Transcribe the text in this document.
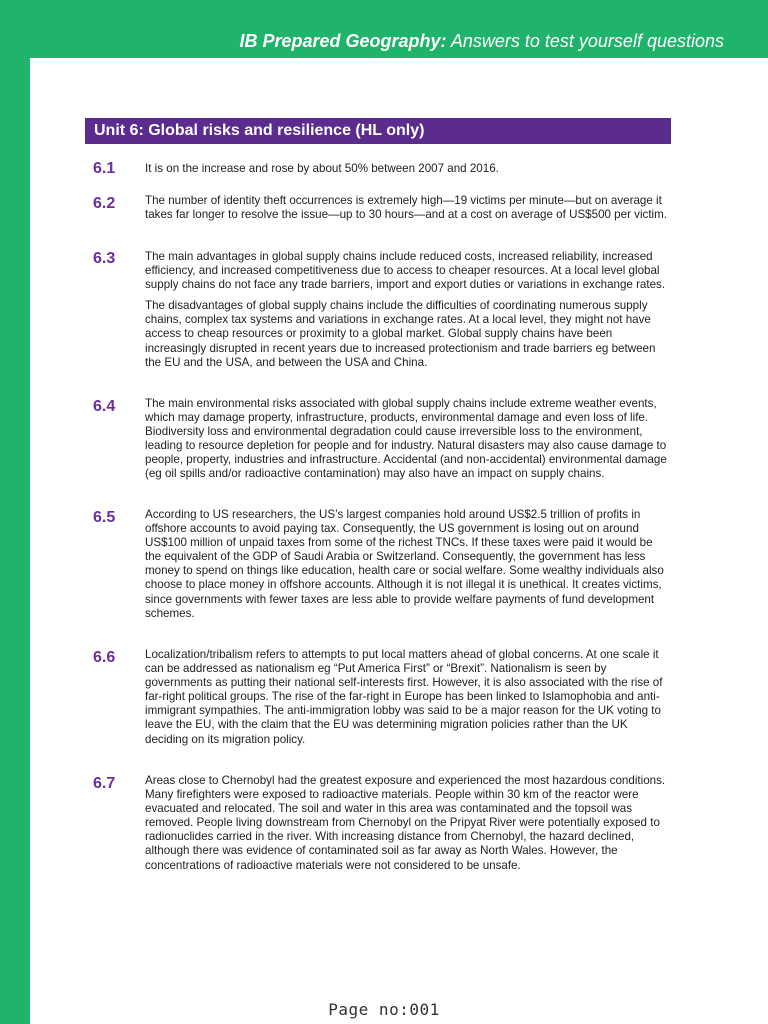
IB Prepared Geography: Answers to test yourself questions
Unit 6: Global risks and resilience (HL only)
6.1	It is on the increase and rose by about 50% between 2007 and 2016.

6.2	The number of identity theft occurrences is extremely high—19 victims per minute—but on average it takes far longer to resolve the issue—up to 30 hours—and at a cost on average of US$500 per victim.

6.3	The main advantages in global supply chains include reduced costs, increased reliability, increased efficiency, and increased competitiveness due to access to cheaper resources. At a local level global supply chains do not face any trade barriers, import and export duties or variations in exchange rates.

The disadvantages of global supply chains include the difficulties of coordinating numerous supply chains, complex tax systems and variations in exchange rates. At a local level, they might not have access to cheap resources or proximity to a global market. Global supply chains have been increasingly disrupted in recent years due to increased protectionism and trade barriers eg between the EU and the USA, and between the USA and China.

6.4	The main environmental risks associated with global supply chains include extreme weather events, which may damage property, infrastructure, products, environmental damage and even loss of life. Biodiversity loss and environmental degradation could cause irreversible loss to the environment, leading to resource depletion for people and for industry. Natural disasters may also cause damage to people, property, industries and infrastructure. Accidental (and non-accidental) environmental damage (eg oil spills and/or radioactive contamination) may also have an impact on supply chains.

6.5	According to US researchers, the US’s largest companies hold around US$2.5 trillion of profits in offshore accounts to avoid paying tax. Consequently, the US government is losing out on around US$100 million of unpaid taxes from some of the richest TNCs. If these taxes were paid it would be the equivalent of the GDP of Saudi Arabia or Switzerland. Consequently, the government has less money to spend on things like education, health care or social welfare. Some wealthy individuals also choose to place money in offshore accounts. Although it is not illegal it is unethical. It creates victims, since governments with fewer taxes are less able to provide welfare payments of fund development schemes.

6.6	Localization/tribalism refers to attempts to put local matters ahead of global concerns. At one scale it can be addressed as nationalism eg “Put America First” or “Brexit”. Nationalism is seen by governments as putting their national self-interests first. However, it is also associated with the rise of far-right political groups. The rise of the far-right in Europe has been linked to Islamophobia and anti-immigrant sympathies. The anti-immigration lobby was said to be a major reason for the UK voting to leave the EU, with the claim that the EU was determining migration policies rather than the UK deciding on its migration policy.

6.7	Areas close to Chernobyl had the greatest exposure and experienced the most hazardous conditions. Many firefighters were exposed to radioactive materials. People within 30 km of the reactor were evacuated and relocated. The soil and water in this area was contaminated and the topsoil was removed. People living downstream from Chernobyl on the Pripyat River were potentially exposed to radionuclides carried in the river. With increasing distance from Chernobyl, the hazard declined, although there was evidence of contaminated soil as far away as North Wales. However, the concentrations of radioactive materials were not considered to be unsafe.

Page no:001
